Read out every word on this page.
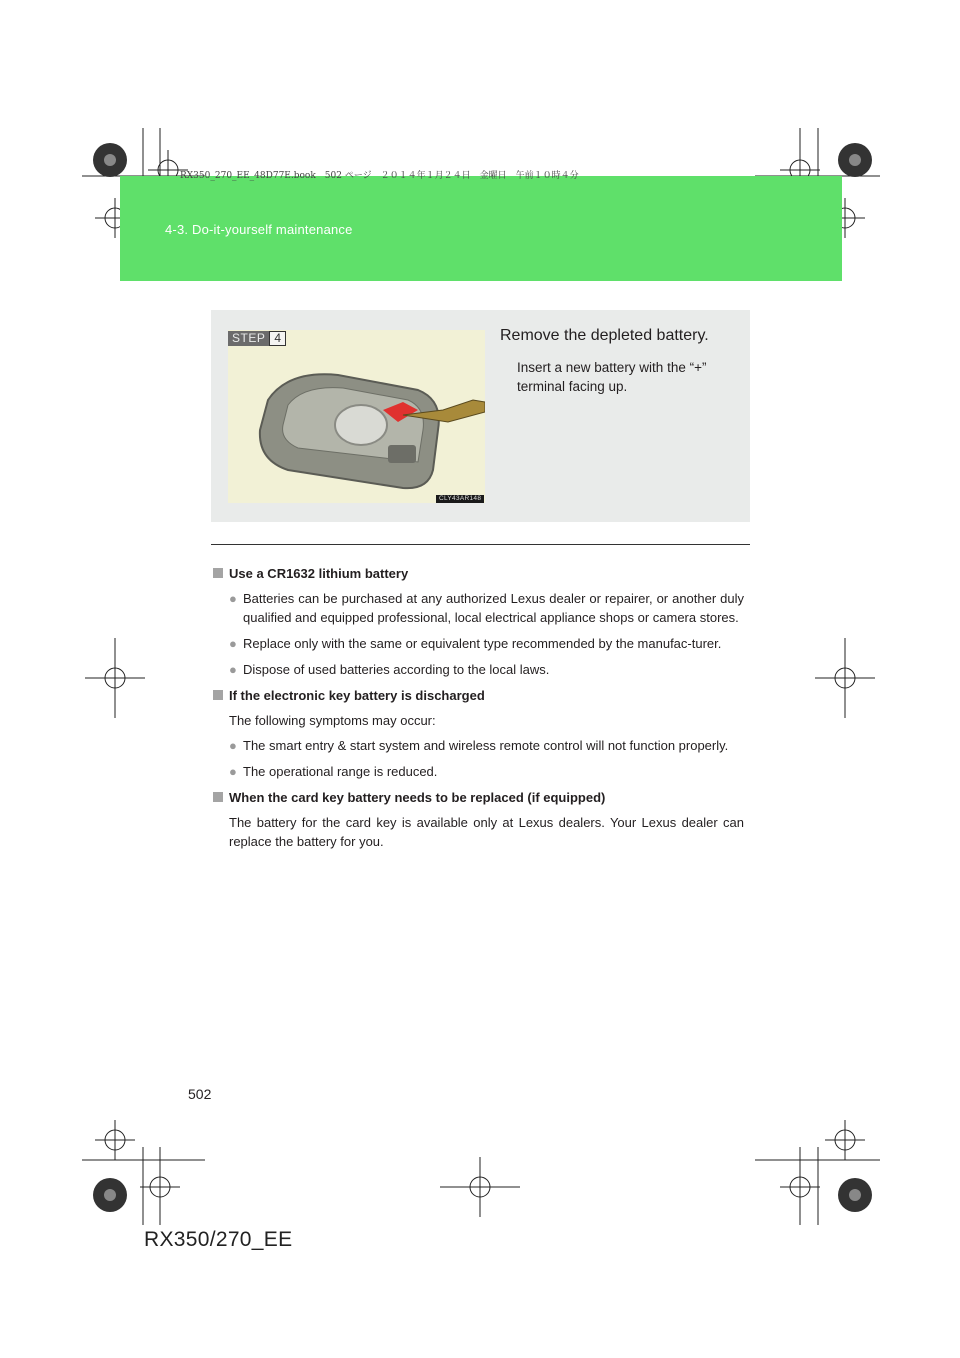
RX350_270_EE_48D77E.book　502 ページ　２０１４年１月２４日　金曜日　午前１０時４分
4-3. Do-it-yourself maintenance
STEP 4
CLY43AR148
Remove the depleted battery.
Insert a new battery with the “+” terminal facing up.
Use a CR1632 lithium battery
● Batteries can be purchased at any authorized Lexus dealer or repairer, or another duly qualified and equipped professional, local electrical appliance shops or camera stores.
● Replace only with the same or equivalent type recommended by the manufac-turer.
● Dispose of used batteries according to the local laws.
If the electronic key battery is discharged
The following symptoms may occur:
● The smart entry & start system and wireless remote control will not function properly.
● The operational range is reduced.
When the card key battery needs to be replaced (if equipped)
The battery for the card key is available only at Lexus dealers. Your Lexus dealer can replace the battery for you.
502
RX350/270_EE
